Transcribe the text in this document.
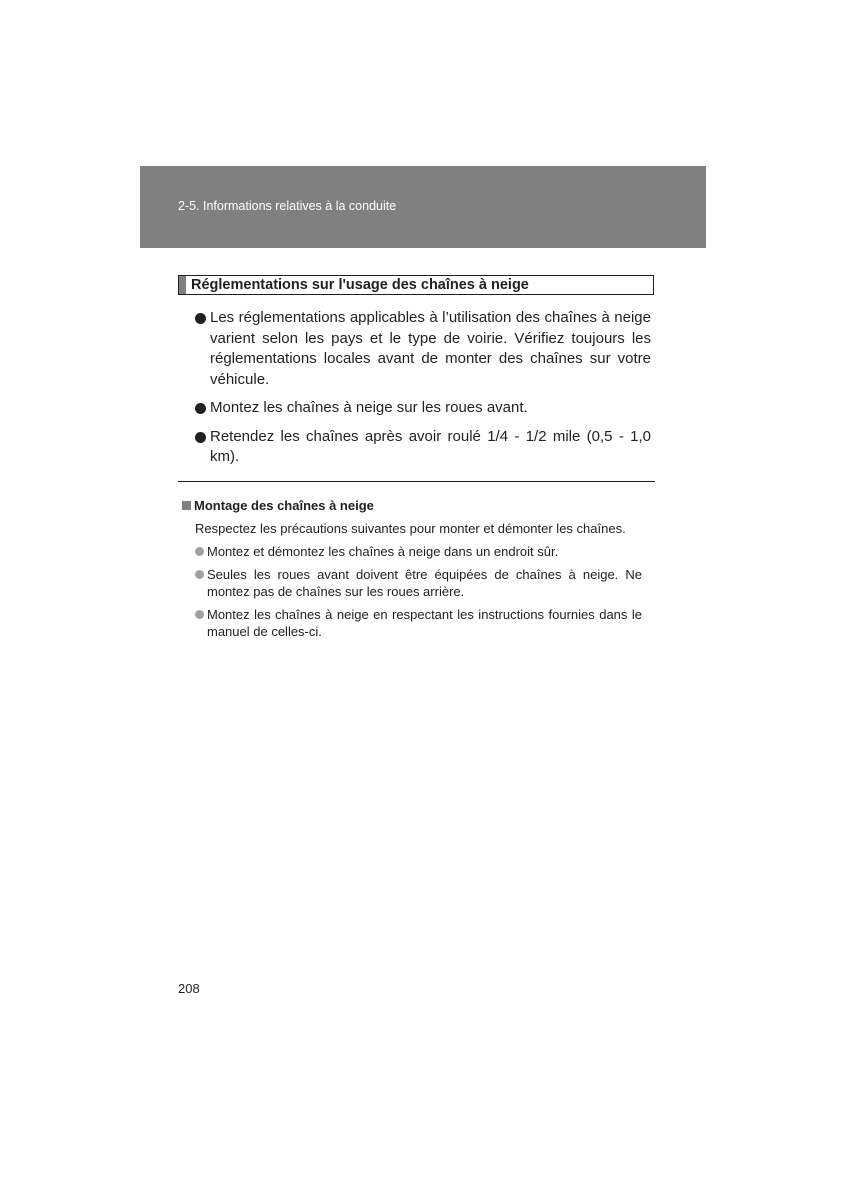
2-5. Informations relatives à la conduite
Réglementations sur l'usage des chaînes à neige
Les réglementations applicables à l’utilisation des chaînes à neige varient selon les pays et le type de voirie. Vérifiez toujours les réglementations locales avant de monter des chaînes sur votre véhicule.
Montez les chaînes à neige sur les roues avant.
Retendez les chaînes après avoir roulé 1/4 - 1/2 mile (0,5 - 1,0 km).
Montage des chaînes à neige
Respectez les précautions suivantes pour monter et démonter les chaînes.
Montez et démontez les chaînes à neige dans un endroit sûr.
Seules les roues avant doivent être équipées de chaînes à neige. Ne montez pas de chaînes sur les roues arrière.
Montez les chaînes à neige en respectant les instructions fournies dans le manuel de celles-ci.
208
